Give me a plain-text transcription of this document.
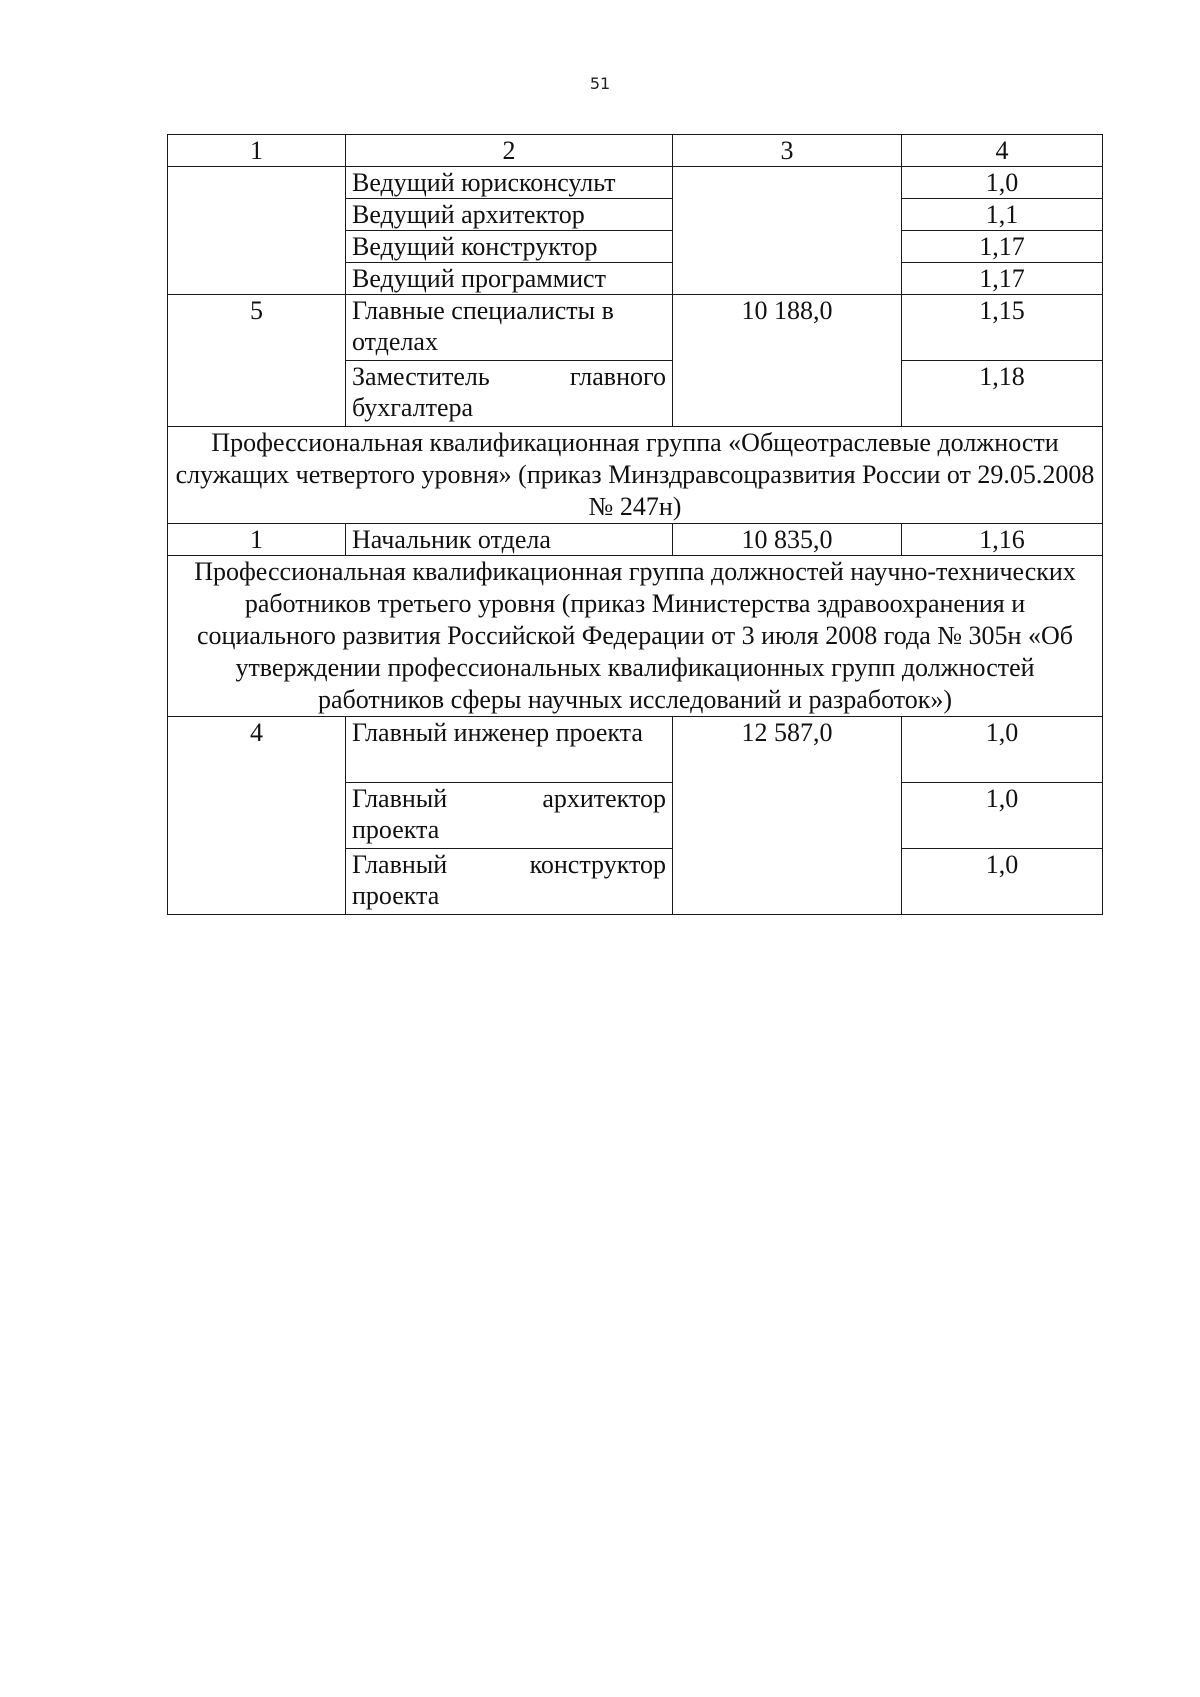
51
1	2	3	4
	Ведущий юрисконсульт		1,0
	Ведущий архитектор		1,1
	Ведущий конструктор		1,17
	Ведущий программист		1,17
5	Главные специалисты в отделах	10 188,0	1,15
	Заместитель главного бухгалтера		1,18
Профессиональная квалификационная группа «Общеотраслевые должности служащих четвертого уровня» (приказ Минздравсоцразвития России от 29.05.2008 № 247н)			
1	Начальник отдела	10 835,0	1,16
Профессиональная квалификационная группа должностей научно-технических работников третьего уровня (приказ Министерства здравоохранения и социального развития Российской Федерации от 3 июля 2008 года № 305н «Об утверждении профессиональных квалификационных групп должностей работников сферы научных исследований и разработок»)			
4	Главный инженер проекта	12 587,0	1,0
	Главный архитектор проекта		1,0
	Главный конструктор проекта		1,0
